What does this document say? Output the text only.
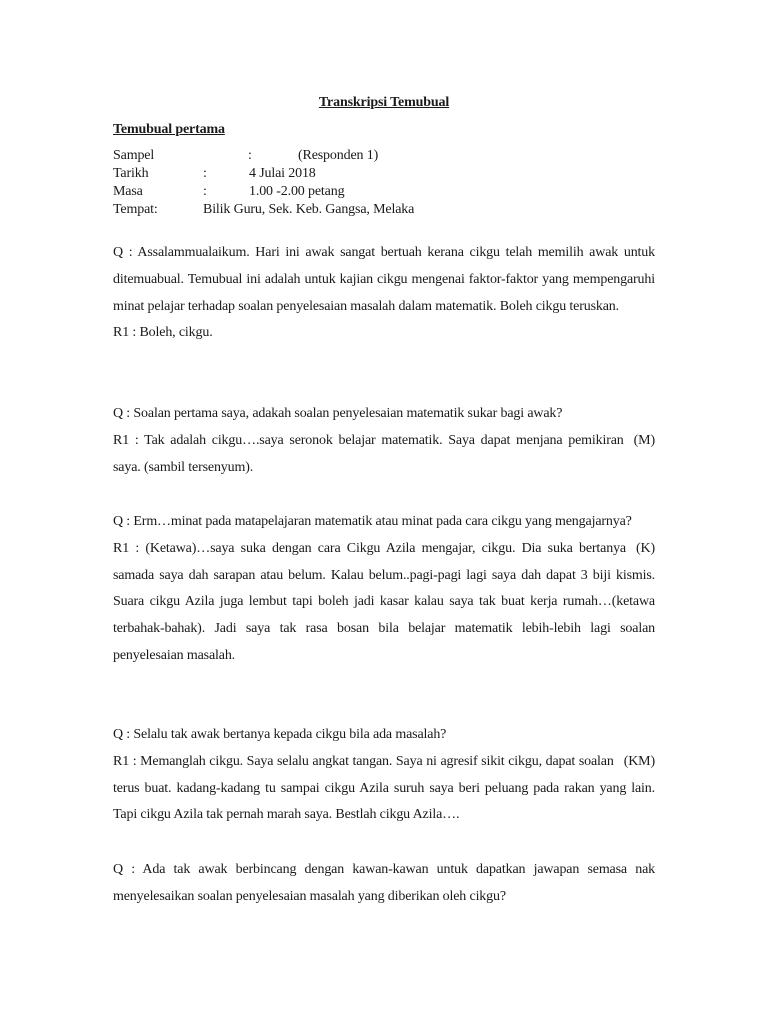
Transkripsi Temubual
Temubual pertama
Sampel	:	(Responden 1)
Tarikh	:	4 Julai 2018
Masa	:	1.00 -2.00 petang
Tempat:	Bilik Guru, Sek. Keb. Gangsa, Melaka

Q : Assalammualaikum. Hari ini awak sangat bertuah kerana cikgu telah memilih awak untuk ditemuabual. Temubual ini adalah untuk kajian cikgu mengenai faktor-faktor yang mempengaruhi minat pelajar terhadap soalan penyelesaian masalah dalam matematik. Boleh cikgu teruskan.

R1 : Boleh, cikgu.

Q : Soalan pertama saya, adakah soalan penyelesaian matematik sukar bagi awak?

(M)
R1 : Tak adalah cikgu….saya seronok belajar matematik. Saya dapat menjana pemikiran saya. (sambil tersenyum).

Q : Erm…minat pada matapelajaran matematik atau minat pada cara cikgu yang mengajarnya?

(K)
R1 : (Ketawa)…saya suka dengan cara Cikgu Azila mengajar, cikgu. Dia suka bertanya samada saya dah sarapan atau belum. Kalau belum..pagi-pagi lagi saya dah dapat 3 biji kismis. Suara cikgu Azila juga lembut tapi boleh jadi kasar kalau saya tak buat kerja rumah…(ketawa terbahak-bahak). Jadi saya tak rasa bosan bila belajar matematik lebih-lebih lagi soalan penyelesaian masalah.

Q : Selalu tak awak bertanya kepada cikgu bila ada masalah?

(KM)
R1 : Memanglah cikgu. Saya selalu angkat tangan. Saya ni agresif sikit cikgu, dapat soalan terus buat. kadang-kadang tu sampai cikgu Azila suruh saya beri peluang pada rakan yang lain. Tapi cikgu Azila tak pernah marah saya. Bestlah cikgu Azila….

Q : Ada tak awak berbincang dengan kawan-kawan untuk dapatkan jawapan semasa nak menyelesaikan soalan penyelesaian masalah yang diberikan oleh cikgu?
